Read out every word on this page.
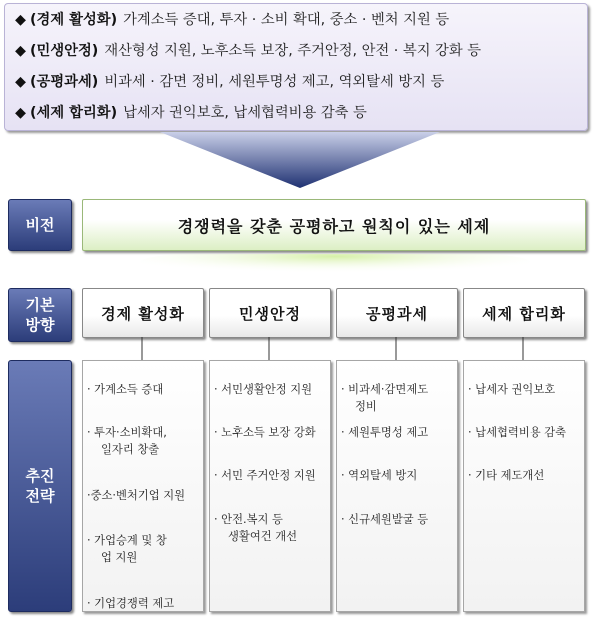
◆ (경제 활성화) 가계소득 증대, 투자 · 소비 확대, 중소 · 벤처 지원 등
◆ (민생안정) 재산형성 지원, 노후소득 보장, 주거안정, 안전 · 복지 강화 등
◆ (공평과세) 비과세 · 감면 정비, 세원투명성 제고, 역외탈세 방지 등
◆ (세제 합리화) 납세자 권익보호, 납세협력비용 감축 등
비전	경쟁력을 갖춘 공평하고 원칙이 있는 세제
기본
방향
경제 활성화	민생안정	공평과세	세제 합리화
추진
전략
· 가계소득 증대
· 투자·소비확대,
일자리 창출
·중소·벤처기업 지원
· 가업승계 및 창
업 지원
· 기업경쟁력 제고
· 서민생활안정 지원
· 노후소득 보장 강화
· 서민 주거안정 지원
· 안전.복지 등
생활여건 개선
· 비과세·감면제도
정비
· 세원투명성 제고
· 역외탈세 방지
· 신규세원발굴 등
· 납세자 권익보호
· 납세협력비용 감축
· 기타 제도개선
